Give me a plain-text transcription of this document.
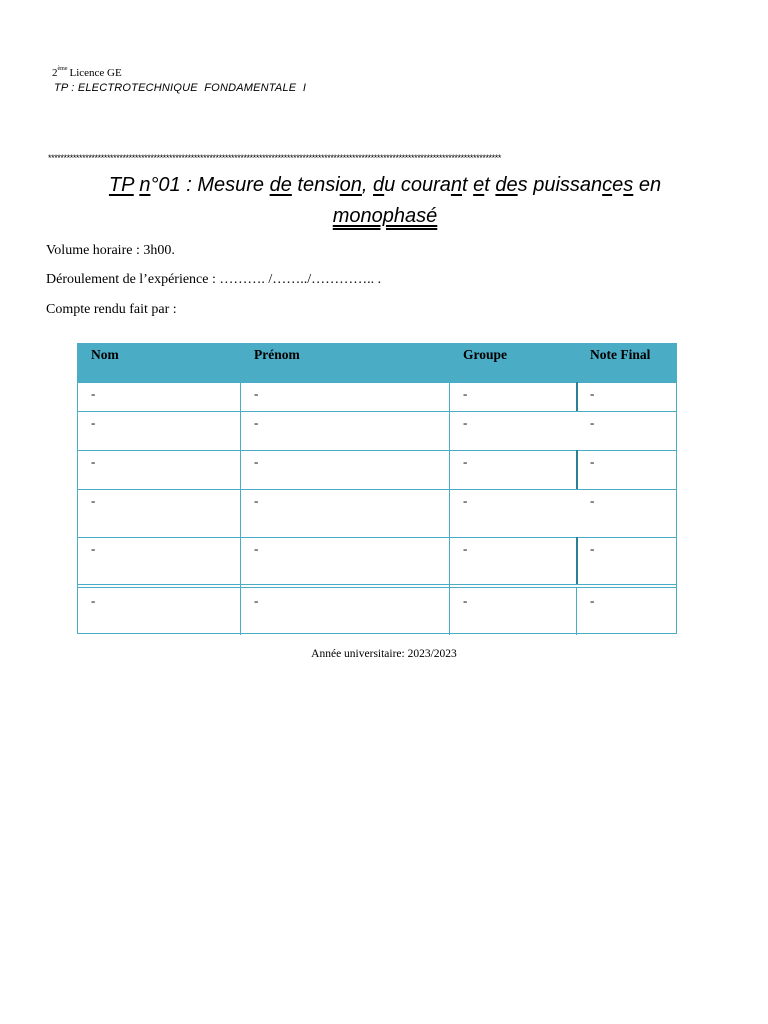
2ème Licence GE
TP : ELECTROTECHNIQUE  FONDAMENTALE  I
**************************************************************************************************************************************************
TP n°01 : Mesure de tension, du courant et des puissances en
monophasé
Volume horaire : 3h00.
Déroulement de l’expérience : ………. /……../………….. .
Compte rendu fait par :
Nom	Prénom	Groupe	Note Final
-	-	-	-
-	-	-	-
-	-	-	-
-	-	-	-
-	-	-	-
-	-	-	-
Année universitaire: 2023/2023
